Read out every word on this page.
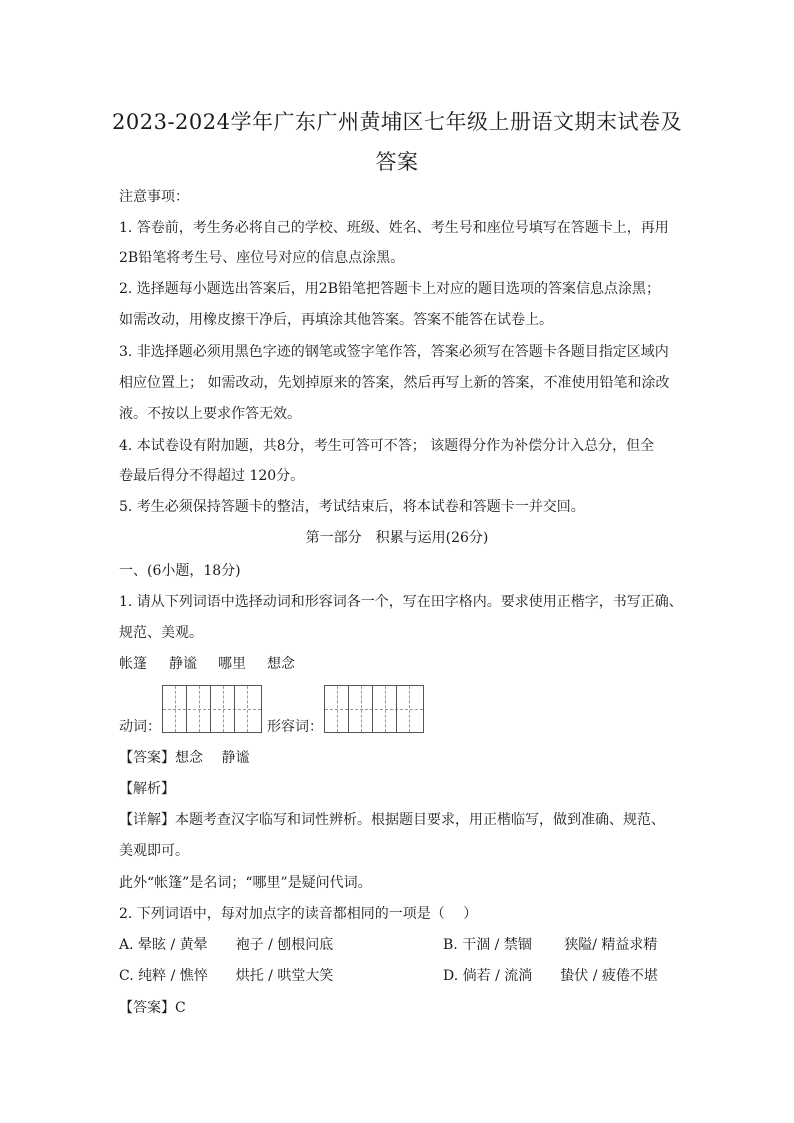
2023-2024学年广东广州黄埔区七年级上册语文期末试卷及
答案
注意事项：
1. 答卷前，考生务必将自己的学校、班级、姓名、考生号和座位号填写在答题卡上，再用
2B铅笔将考生号、座位号对应的信息点涂黑。
2. 选择题每小题选出答案后，用2B铅笔把答题卡上对应的题目选项的答案信息点涂黑；
如需改动，用橡皮擦干净后，再填涂其他答案。答案不能答在试卷上。
3. 非选择题必须用黑色字迹的钢笔或签字笔作答，答案必须写在答题卡各题目指定区域内
相应位置上； 如需改动，先划掉原来的答案，然后再写上新的答案，不准使用铅笔和涂改
液。不按以上要求作答无效。
4. 本试卷设有附加题，共8分，考生可答可不答； 该题得分作为补偿分计入总分，但全
卷最后得分不得超过 120分。
5. 考生必须保持答题卡的整洁，考试结束后，将本试卷和答题卡一并交回。
第一部分　积累与运用(26分)
一、(6小题，18分)
1. 请从下列词语中选择动词和形容词各一个，写在田字格内。要求使用正楷字，书写正确、
规范、美观。
帐篷 静谧 哪里 想念
动词：	形容词：
【答案】想念　 静谧
【解析】
【详解】本题考查汉字临写和词性辨析。根据题目要求，用正楷临写，做到准确、规范、
美观即可。
此外“帐篷”是名词；“哪里”是疑问代词。
2. 下列词语中，每对加点字的读音都相同的一项是（　 ）
A. 晕眩 / 黄晕　　袍子 / 刨根问底	B. 干涸 / 禁锢　　 狭隘/ 精益求精
C. 纯粹 / 憔悴　　烘托 / 哄堂大笑	D. 倘若 / 流淌　　蛰伏 / 疲倦不堪
【答案】C
